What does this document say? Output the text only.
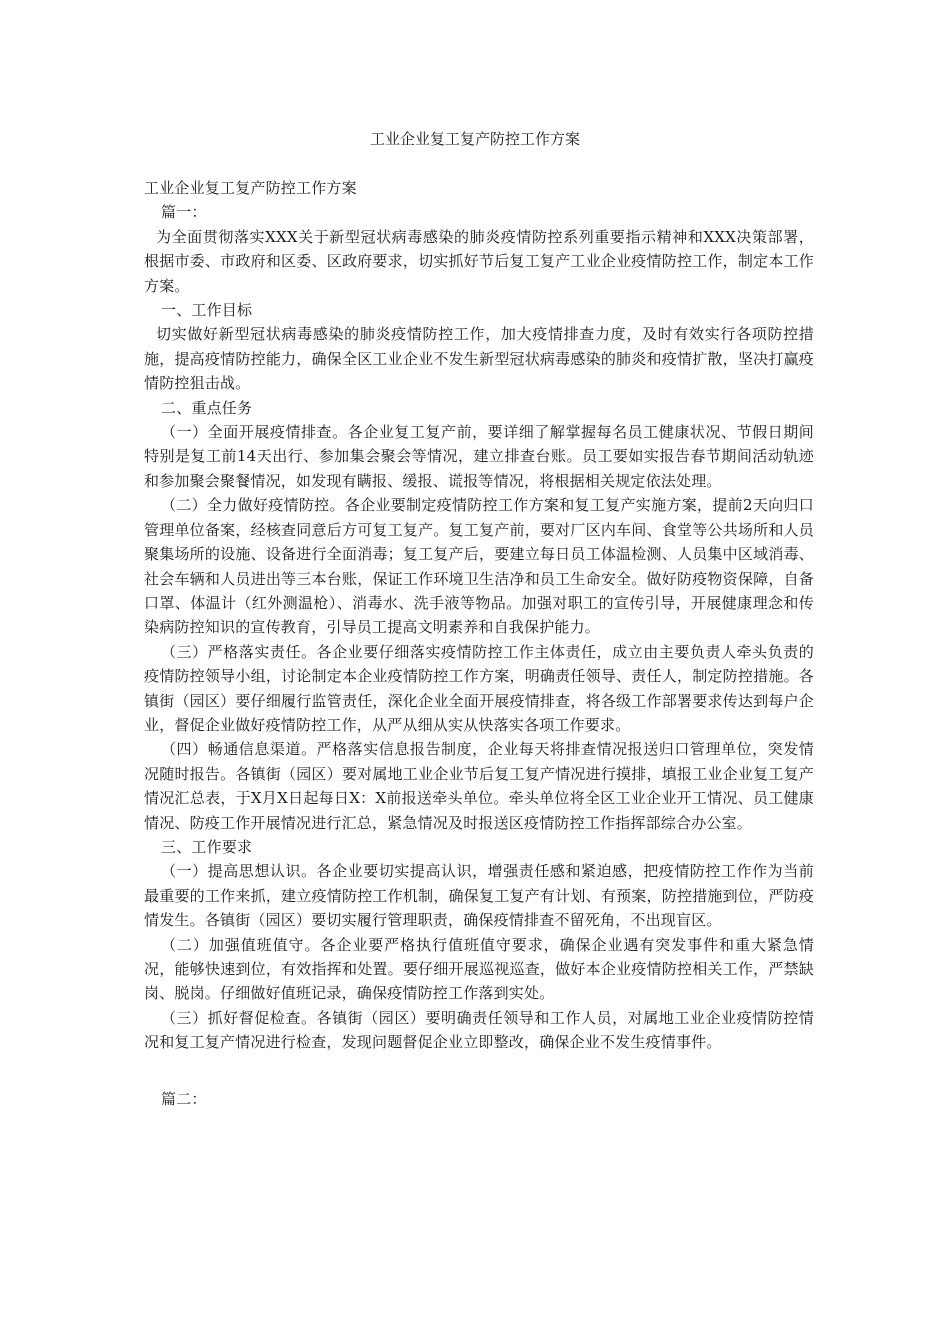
工业企业复工复产防控工作方案

工业企业复工复产防控工作方案

篇一：

为全面贯彻落实XXX关于新型冠状病毒感染的肺炎疫情防控系列重要指示精神和XXX决策部署，根据市委、市政府和区委、区政府要求，切实抓好节后复工复产工业企业疫情防控工作，制定本工作方案。

一、工作目标

切实做好新型冠状病毒感染的肺炎疫情防控工作，加大疫情排查力度，及时有效实行各项防控措施，提高疫情防控能力，确保全区工业企业不发生新型冠状病毒感染的肺炎和疫情扩散，坚决打赢疫情防控狙击战。

二、重点任务

（一）全面开展疫情排查。各企业复工复产前，要详细了解掌握每名员工健康状况、节假日期间特别是复工前14天出行、参加集会聚会等情况，建立排查台账。员工要如实报告春节期间活动轨迹和参加聚会聚餐情况，如发现有瞒报、缓报、谎报等情况，将根据相关规定依法处理。

（二）全力做好疫情防控。各企业要制定疫情防控工作方案和复工复产实施方案，提前2天向归口管理单位备案，经核查同意后方可复工复产。复工复产前，要对厂区内车间、食堂等公共场所和人员聚集场所的设施、设备进行全面消毒；复工复产后，要建立每日员工体温检测、人员集中区域消毒、社会车辆和人员进出等三本台账，保证工作环境卫生洁净和员工生命安全。做好防疫物资保障，自备口罩、体温计（红外测温枪）、消毒水、洗手液等物品。加强对职工的宣传引导，开展健康理念和传染病防控知识的宣传教育，引导员工提高文明素养和自我保护能力。

（三）严格落实责任。各企业要仔细落实疫情防控工作主体责任，成立由主要负责人牵头负责的疫情防控领导小组，讨论制定本企业疫情防控工作方案，明确责任领导、责任人，制定防控措施。各镇街（园区）要仔细履行监管责任，深化企业全面开展疫情排查，将各级工作部署要求传达到每户企业，督促企业做好疫情防控工作，从严从细从实从快落实各项工作要求。

（四）畅通信息渠道。严格落实信息报告制度，企业每天将排查情况报送归口管理单位，突发情况随时报告。各镇街（园区）要对属地工业企业节后复工复产情况进行摸排，填报工业企业复工复产情况汇总表，于X月X日起每日X：X前报送牵头单位。牵头单位将全区工业企业开工情况、员工健康情况、防疫工作开展情况进行汇总，紧急情况及时报送区疫情防控工作指挥部综合办公室。

三、工作要求

（一）提高思想认识。各企业要切实提高认识，增强责任感和紧迫感，把疫情防控工作作为当前最重要的工作来抓，建立疫情防控工作机制，确保复工复产有计划、有预案，防控措施到位，严防疫情发生。各镇街（园区）要切实履行管理职责，确保疫情排查不留死角，不出现盲区。

（二）加强值班值守。各企业要严格执行值班值守要求，确保企业遇有突发事件和重大紧急情况，能够快速到位，有效指挥和处置。要仔细开展巡视巡查，做好本企业疫情防控相关工作，严禁缺岗、脱岗。仔细做好值班记录，确保疫情防控工作落到实处。

（三）抓好督促检查。各镇街（园区）要明确责任领导和工作人员，对属地工业企业疫情防控情况和复工复产情况进行检查，发现问题督促企业立即整改，确保企业不发生疫情事件。

篇二：
